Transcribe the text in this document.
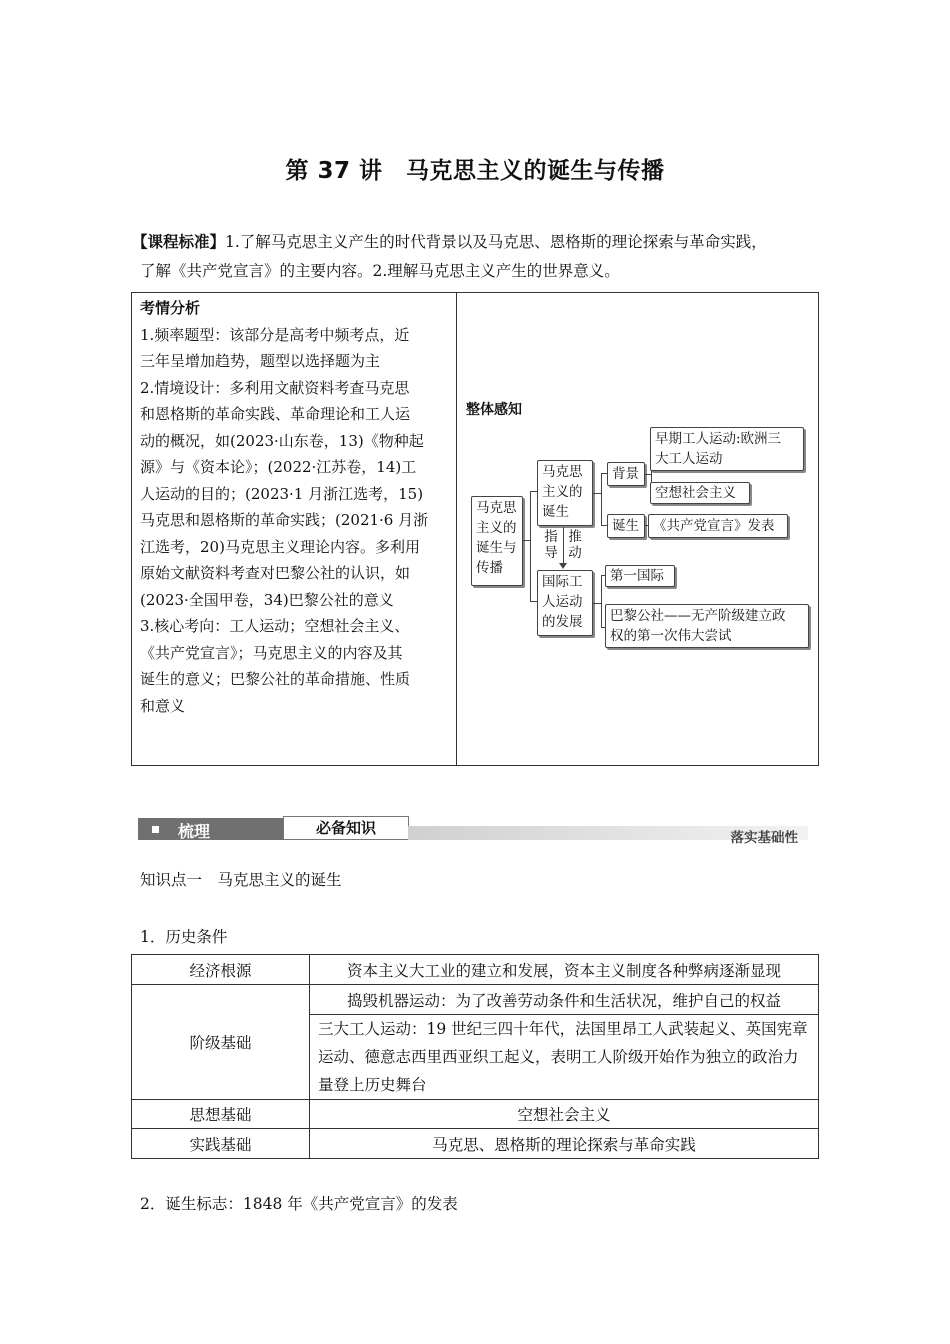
第 37 讲　马克思主义的诞生与传播
【课程标准】1.了解马克思主义产生的时代背景以及马克思、恩格斯的理论探索与革命实践，
了解《共产党宣言》的主要内容。2.理解马克思主义产生的世界意义。
考情分析
1.频率题型：该部分是高考中频考点，近
三年呈增加趋势，题型以选择题为主
2.情境设计：多利用文献资料考查马克思
和恩格斯的革命实践、革命理论和工人运
动的概况，如(2023·山东卷，13)《物种起
源》与《资本论》；(2022·江苏卷，14)工
人运动的目的；(2023·1 月浙江选考，15)
马克思和恩格斯的革命实践；(2021·6 月浙
江选考，20)马克思主义理论内容。多利用
原始文献资料考查对巴黎公社的认识，如
(2023·全国甲卷，34)巴黎公社的意义
3.核心考向：工人运动；空想社会主义、
《共产党宣言》；马克思主义的内容及其
诞生的意义；巴黎公社的革命措施、性质
和意义

整体感知
马克思
主义的
诞生与
传播
马克思
主义的
诞生
指
导
推
动
国际工
人运动
的发展
背景
诞生
早期工人运动:欧洲三
大工人运动
空想社会主义
《共产党宣言》发表
第一国际
巴黎公社——无产阶级建立政
权的第一次伟大尝试
梳理	必备知识
落实基础性
知识点一　马克思主义的诞生
1．历史条件
经济根源	资本主义大工业的建立和发展，资本主义制度各种弊病逐渐显现
阶级基础	捣毁机器运动：为了改善劳动条件和生活状况，维护自己的权益
	三大工人运动：19 世纪三四十年代，法国里昂工人武装起义、英国宪章运动、德意志西里西亚织工起义，表明工人阶级开始作为独立的政治力量登上历史舞台
思想基础	空想社会主义
实践基础	马克思、恩格斯的理论探索与革命实践
2．诞生标志：1848 年《共产党宣言》的发表
